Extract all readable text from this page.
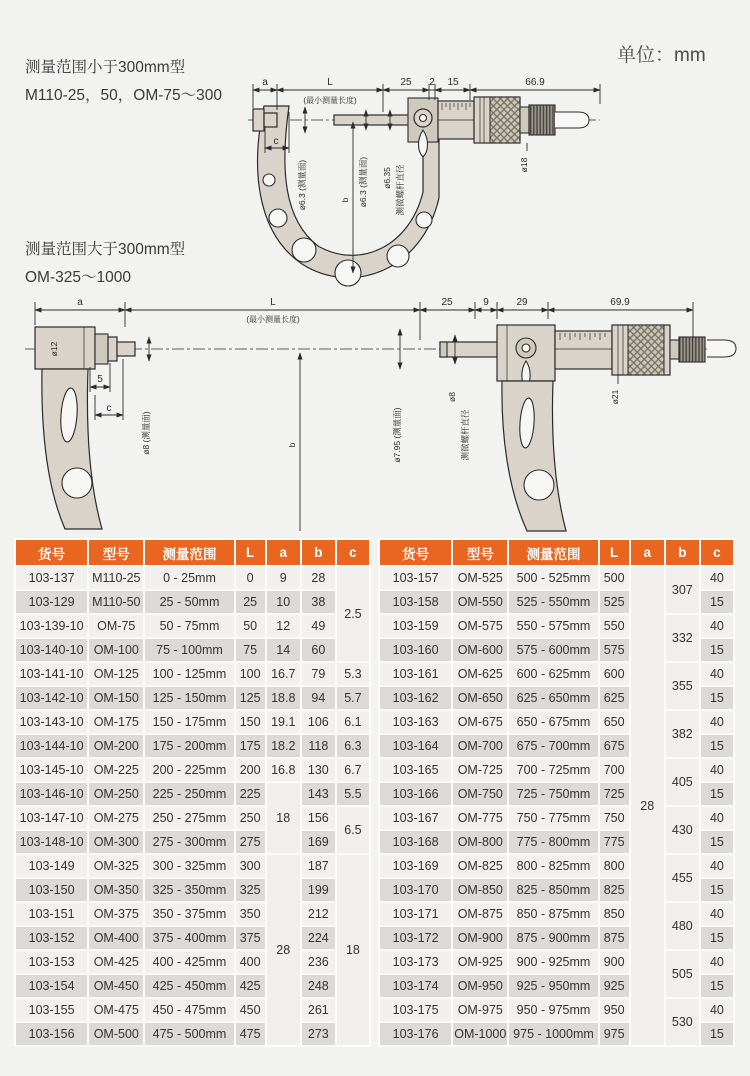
单位：mm
测量范围小于300mm型
M110-25，50，OM-75～300
测量范围大于300mm型
OM-325～1000
a	L
(最小测量长度)
25 2 15	66.9
c
ø6.3 (测量面)	b ø6.3 (测量面) ø6.35 测微螺杆直径	ø18
ø12
5
c
ø8 (测量面)	b	ø7.95 (测量面)
ø8
测微螺杆直径
ø21
a	L
(最小测量长度)
25	9	29	69.9
货号	型号	测量范围	L	a	b	c
103-137	M110-25	0 - 25mm	0	9	28	2.5
103-129	M110-50	25 - 50mm	25	10	38	
103-139-10	OM-75	50 - 75mm	50	12	49	
103-140-10	OM-100	75 - 100mm	75	14	60	
103-141-10	OM-125	100 - 125mm	100	16.7	79	5.3
103-142-10	OM-150	125 - 150mm	125	18.8	94	5.7
103-143-10	OM-175	150 - 175mm	150	19.1	106	6.1
103-144-10	OM-200	175 - 200mm	175	18.2	118	6.3
103-145-10	OM-225	200 - 225mm	200	16.8	130	6.7
103-146-10	OM-250	225 - 250mm	225	18	143	5.5
103-147-10	OM-275	250 - 275mm	250		156	6.5
103-148-10	OM-300	275 - 300mm	275		169	
103-149	OM-325	300 - 325mm	300	28	187	18
103-150	OM-350	325 - 350mm	325		199	
103-151	OM-375	350 - 375mm	350		212	
103-152	OM-400	375 - 400mm	375		224	
103-153	OM-425	400 - 425mm	400		236	
103-154	OM-450	425 - 450mm	425		248	
103-155	OM-475	450 - 475mm	450		261	
103-156	OM-500	475 - 500mm	475		273	
货号	型号	测量范围	L	a	b	c
103-157	OM-525	500 - 525mm	500	28	307	40
103-158	OM-550	525 - 550mm	525			15
103-159	OM-575	550 - 575mm	550		332	40
103-160	OM-600	575 - 600mm	575			15
103-161	OM-625	600 - 625mm	600		355	40
103-162	OM-650	625 - 650mm	625			15
103-163	OM-675	650 - 675mm	650		382	40
103-164	OM-700	675 - 700mm	675			15
103-165	OM-725	700 - 725mm	700		405	40
103-166	OM-750	725 - 750mm	725			15
103-167	OM-775	750 - 775mm	750		430	40
103-168	OM-800	775 - 800mm	775			15
103-169	OM-825	800 - 825mm	800		455	40
103-170	OM-850	825 - 850mm	825			15
103-171	OM-875	850 - 875mm	850		480	40
103-172	OM-900	875 - 900mm	875			15
103-173	OM-925	900 - 925mm	900		505	40
103-174	OM-950	925 - 950mm	925			15
103-175	OM-975	950 - 975mm	950		530	40
103-176	OM-1000	975 - 1000mm	975			15
